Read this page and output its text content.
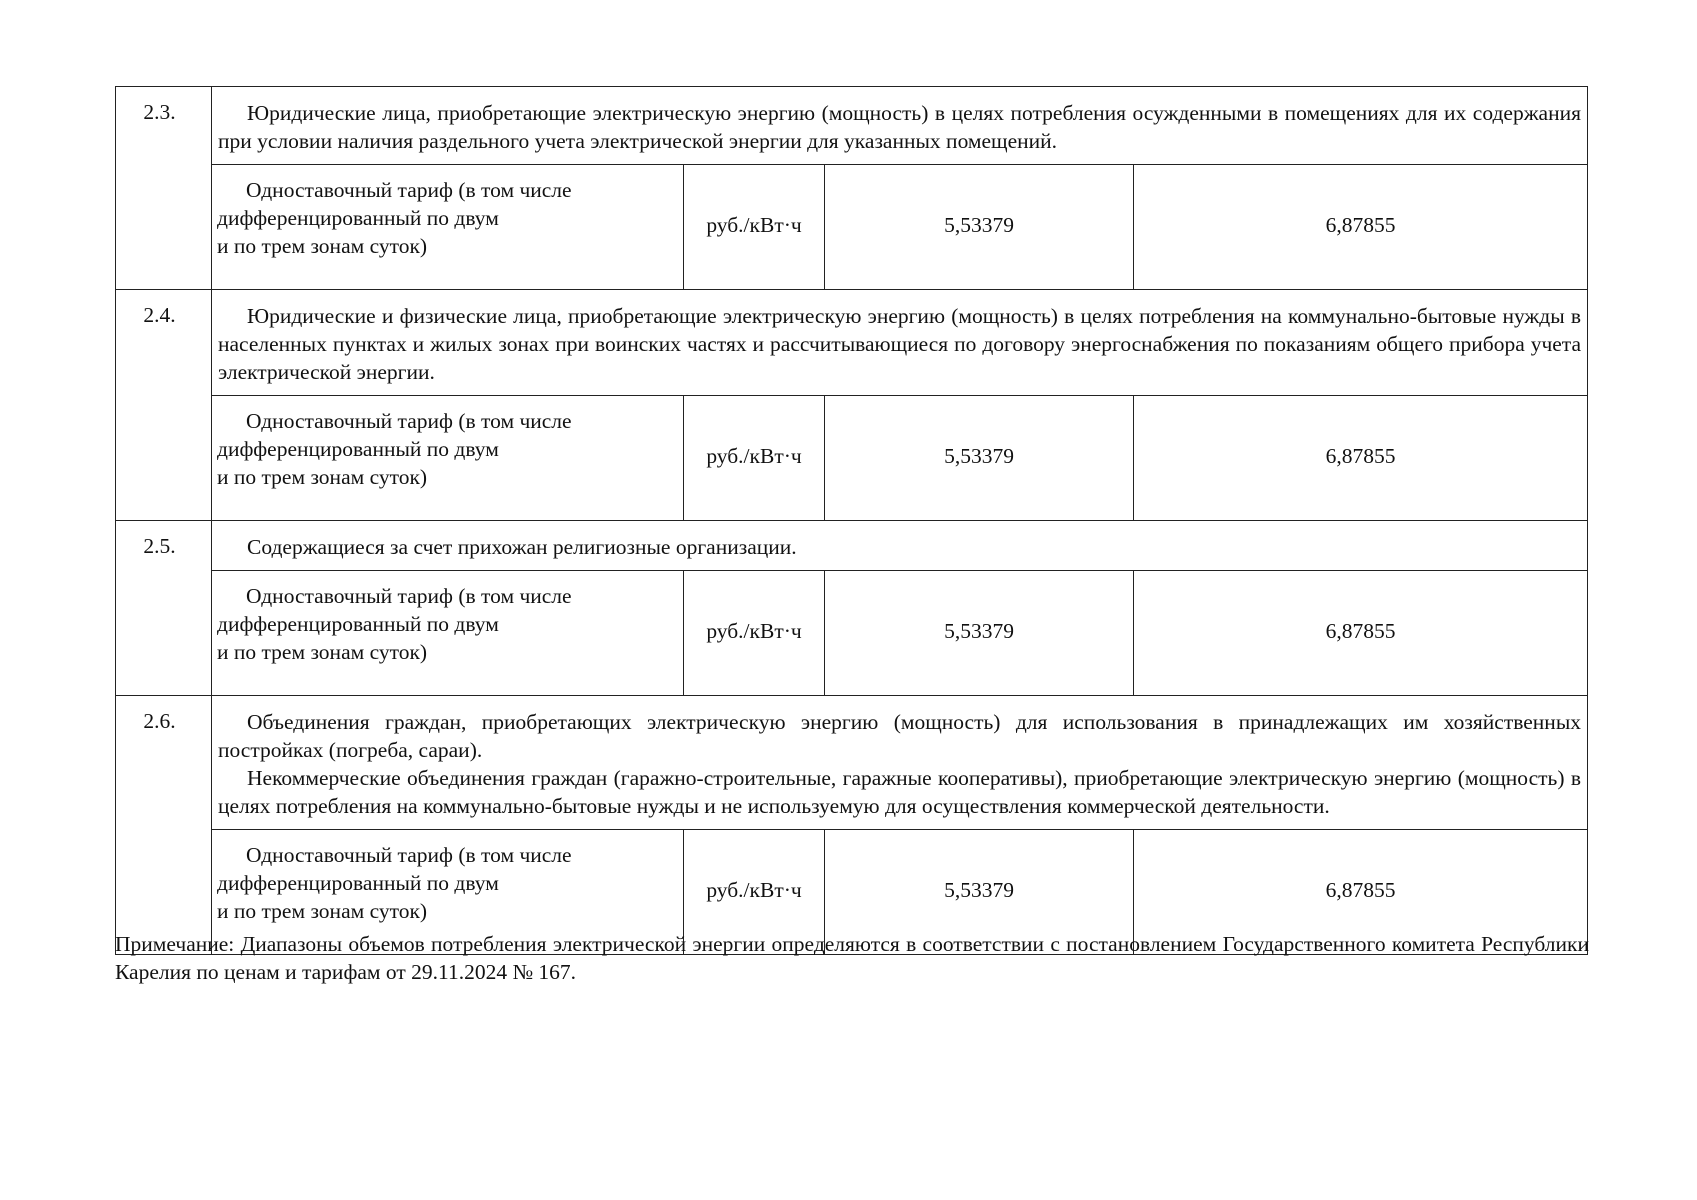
2.3.	Юридические лица, приобретающие электрическую энергию (мощность) в целях потребления осужденными в помещениях для их содержания при условии наличия раздельного учета электрической энергии для указанных помещений.			

	Одноставочный тариф (в том числе
дифференцированный по двум
и по трем зонам суток)	руб./кВт·ч	5,53379	6,87855
2.4.	Юридические и физические лица, приобретающие электрическую энергию (мощность) в целях потребления на коммунально-бытовые нужды в населенных пунктах и жилых зонах при воинских частях и рассчитывающиеся по договору энергоснабжения по показаниям общего прибора учета электрической энергии.			

	Одноставочный тариф (в том числе
дифференцированный по двум
и по трем зонам суток)	руб./кВт·ч	5,53379	6,87855
2.5.	Содержащиеся за счет прихожан религиозные организации.			

	Одноставочный тариф (в том числе
дифференцированный по двум
и по трем зонам суток)	руб./кВт·ч	5,53379	6,87855
2.6.	Объединения граждан, приобретающих электрическую энергию (мощность) для использования в принадлежащих им хозяйственных постройках (погреба, сараи).

Некоммерческие объединения граждан (гаражно-строительные, гаражные кооперативы), приобретающие электрическую энергию (мощность) в целях потребления на коммунально-бытовые нужды и не используемую для осуществления коммерческой деятельности.			

	Одноставочный тариф (в том числе
дифференцированный по двум
и по трем зонам суток)	руб./кВт·ч	5,53379	6,87855

Примечание: Диапазоны объемов потребления электрической энергии определяются в соответствии с постановлением Государственного комитета Республики Карелия по ценам и тарифам от 29.11.2024 № 167.
